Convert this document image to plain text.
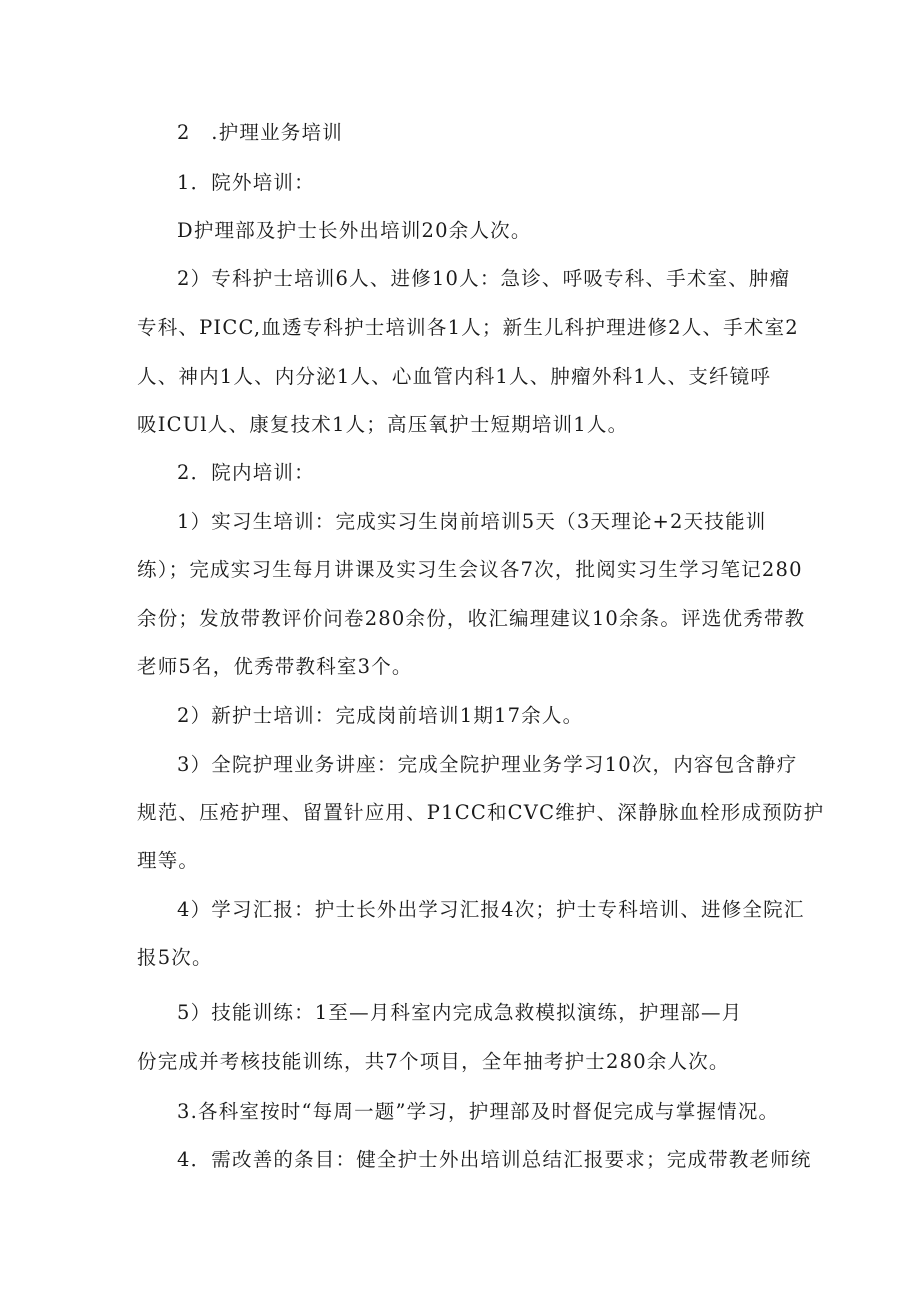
2　.护理业务培训
1．院外培训：
D护理部及护士长外出培训20余人次。
2）专科护士培训6人、进修10人：急诊、呼吸专科、手术室、肿瘤
专科、PICC,血透专科护士培训各1人；新生儿科护理进修2人、手术室2
人、神内1人、内分泌1人、心血管内科1人、肿瘤外科1人、支纤镜呼
吸ICUl人、康复技术1人；高压氧护士短期培训1人。
2．院内培训：
1）实习生培训：完成实习生岗前培训5天（3天理论+2天技能训
练）；完成实习生每月讲课及实习生会议各7次，批阅实习生学习笔记280
余份；发放带教评价问卷280余份，收汇编理建议10余条。评选优秀带教
老师5名，优秀带教科室3个。
2）新护士培训：完成岗前培训1期17余人。
3）全院护理业务讲座：完成全院护理业务学习10次，内容包含静疗
规范、压疮护理、留置针应用、P1CC和CVC维护、深静脉血栓形成预防护
理等。
4）学习汇报：护士长外出学习汇报4次；护士专科培训、进修全院汇
报5次。
5）技能训练：1至—月科室内完成急救模拟演练，护理部—月
份完成并考核技能训练，共7个项目，全年抽考护士280余人次。
3.各科室按时“每周一题”学习，护理部及时督促完成与掌握情况。
4．需改善的条目：健全护士外出培训总结汇报要求；完成带教老师统
